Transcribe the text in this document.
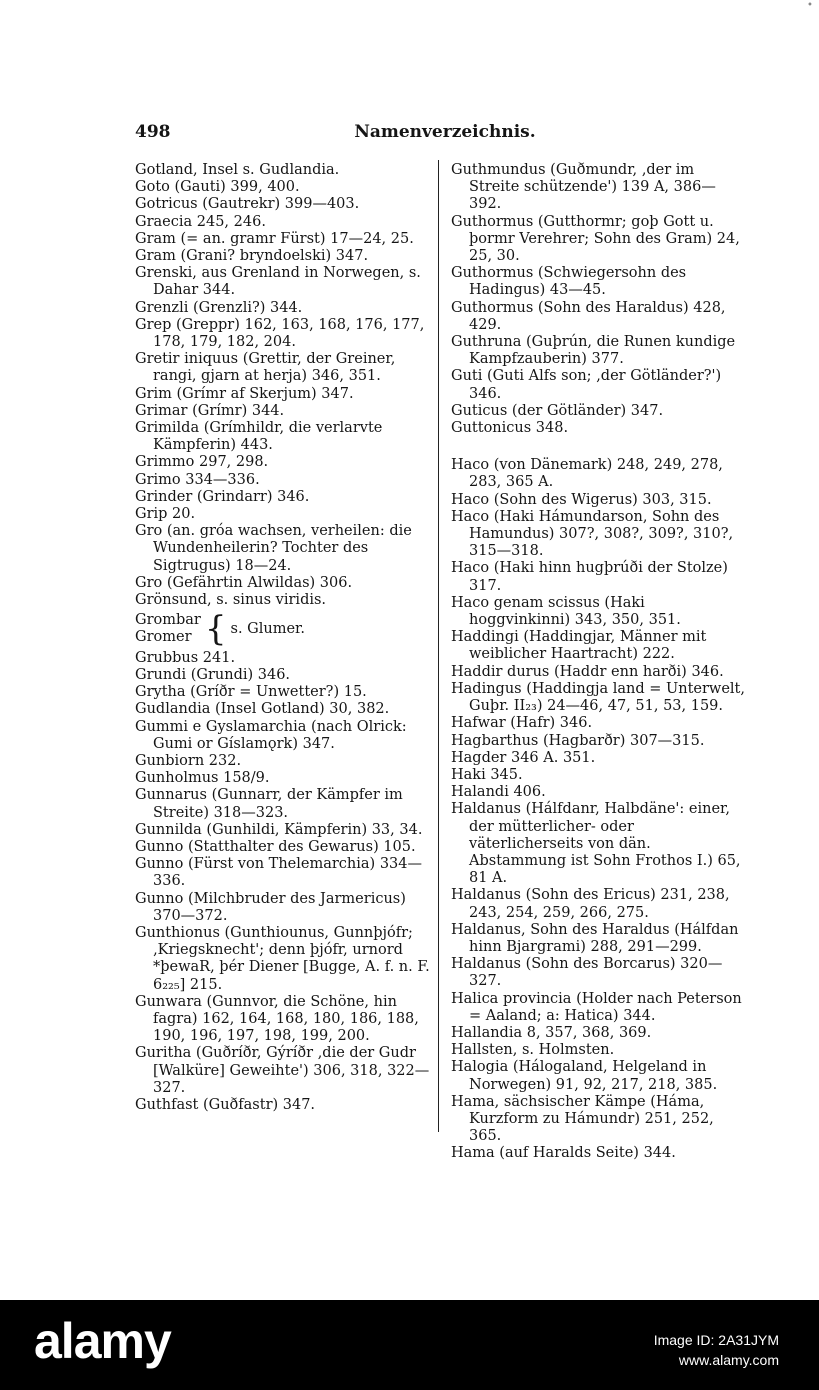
498	Namenverzeichnis.

Gotland, Insel s. Gudlandia.

Goto (Gauti) 399, 400.

Gotricus (Gautrekr) 399—403.

Graecia 245, 246.

Gram (= an. gramr Fürst) 17—24, 25.

Gram (Grani? bryndoelski) 347.

Grenski, aus Grenland in Norwegen, s. Dahar 344.

Grenzli (Grenzli?) 344.

Grep (Greppr) 162, 163, 168, 176, 177, 178, 179, 182, 204.

Gretir iniquus (Grettir, der Greiner, rangi, gjarn at herja) 346, 351.

Grim (Grímr af Skerjum) 347.

Grimar (Grímr) 344.

Grimilda (Grímhildr, die verlarvte Kämpferin) 443.

Grimmo 297, 298.

Grimo 334—336.

Grinder (Grindarr) 346.

Grip 20.

Gro (an. gróa wachsen, verheilen: die Wundenheilerin? Tochter des Sigtrugus) 18—24.

Gro (Gefährtin Alwildas) 306.

Grönsund, s. sinus viridis.

Grombar
Gromer { s. Glumer.

Grubbus 241.

Grundi (Grundi) 346.

Grytha (Gríðr = Unwetter?) 15.

Gudlandia (Insel Gotland) 30, 382.

Gummi e Gyslamarchia (nach Olrick: Gumi or Gíslamǫrk) 347.

Gunbiorn 232.

Gunholmus 158/9.

Gunnarus (Gunnarr, der Kämpfer im Streite) 318—323.

Gunnilda (Gunhildi, Kämpferin) 33, 34.

Gunno (Statthalter des Gewarus) 105.

Gunno (Fürst von Thelemarchia) 334—336.

Gunno (Milchbruder des Jarmericus) 370—372.

Gunthionus (Gunthiounus, Gunnþjófr; ‚Kriegsknecht'; denn þjófr, urnord *þewaR, þér Diener [Bugge, A. f. n. F. 6₂₂₅] 215.

Gunwara (Gunnvor, die Schöne, hin fagra) 162, 164, 168, 180, 186, 188, 190, 196, 197, 198, 199, 200.

Guritha (Guðríðr, Gýríðr ‚die der Gudr [Walküre] Geweihte') 306, 318, 322—327.

Guthfast (Guðfastr) 347.

Guthmundus (Guðmundr, ‚der im Streite schützende') 139 A, 386—392.

Guthormus (Gutthormr; goþ Gott u. þormr Verehrer; Sohn des Gram) 24, 25, 30.

Guthormus (Schwiegersohn des Hadingus) 43—45.

Guthormus (Sohn des Haraldus) 428, 429.

Guthruna (Guþrún, die Runen kundige Kampfzauberin) 377.

Guti (Guti Alfs son; ‚der Götländer?') 346.

Guticus (der Götländer) 347.

Guttonicus 348.

Haco (von Dänemark) 248, 249, 278, 283, 365 A.

Haco (Sohn des Wigerus) 303, 315.

Haco (Haki Hámundarson, Sohn des Hamundus) 307?, 308?, 309?, 310?, 315—318.

Haco (Haki hinn hugþrúði der Stolze) 317.

Haco genam scissus (Haki hoggvinkinni) 343, 350, 351.

Haddingi (Haddingjar, Männer mit weiblicher Haartracht) 222.

Haddir durus (Haddr enn harði) 346.

Hadingus (Haddingja land = Unterwelt, Guþr. II₂₃) 24—46, 47, 51, 53, 159.

Hafwar (Hafr) 346.

Hagbarthus (Hagbarðr) 307—315.

Hagder 346 A. 351.

Haki 345.

Halandi 406.

Haldanus (Hálfdanr, Halbdäne': einer, der mütterlicher- oder väterlicherseits von dän. Abstammung ist Sohn Frothos I.) 65, 81 A.

Haldanus (Sohn des Ericus) 231, 238, 243, 254, 259, 266, 275.

Haldanus, Sohn des Haraldus (Hálfdan hinn Bjargrami) 288, 291—299.

Haldanus (Sohn des Borcarus) 320—327.

Halica provincia (Holder nach Peterson = Aaland; a: Hatica) 344.

Hallandia 8, 357, 368, 369.

Hallsten, s. Holmsten.

Halogia (Hálogaland, Helgeland in Norwegen) 91, 92, 217, 218, 385.

Hama, sächsischer Kämpe (Háma, Kurzform zu Hámundr) 251, 252, 365.

Hama (auf Haralds Seite) 344.

•
alamy	Image ID: 2A31JYM
www.alamy.com
